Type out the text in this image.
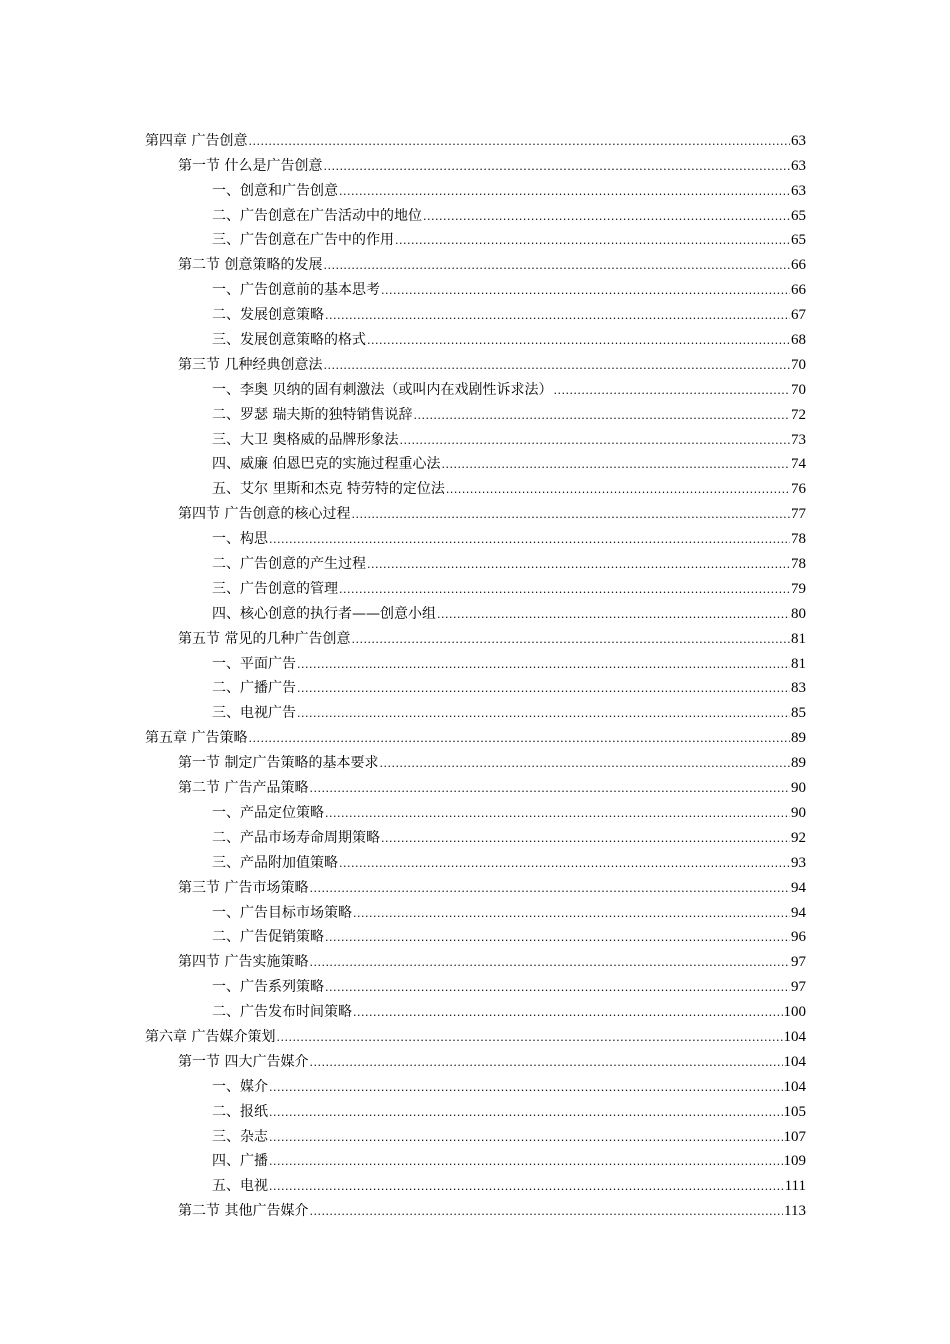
第四章 广告创意 .....	63
第一节 什么是广告创意 .....	63
一、创意和广告创意 .....	63
二、广告创意在广告活动中的地位 .....	65
三、广告创意在广告中的作用 .....	65
第二节 创意策略的发展 .....	66
一、广告创意前的基本思考 .....	66
二、发展创意策略 .....	67
三、发展创意策略的格式 .....	68
第三节 几种经典创意法 .....	70
一、李奥 贝纳的固有刺激法（或叫内在戏剧性诉求法） .....	70
二、罗瑟 瑞夫斯的独特销售说辞 .....	72
三、大卫 奥格威的品牌形象法 .....	73
四、威廉 伯恩巴克的实施过程重心法 .....	74
五、艾尔 里斯和杰克 特劳特的定位法 .....	76
第四节 广告创意的核心过程 .....	77
一、构思 .....	78
二、广告创意的产生过程 .....	78
三、广告创意的管理 .....	79
四、核心创意的执行者——创意小组 .....	80
第五节 常见的几种广告创意 .....	81
一、平面广告 .....	81
二、广播广告 .....	83
三、电视广告 .....	85
第五章 广告策略 .....	89
第一节 制定广告策略的基本要求 .....	89
第二节 广告产品策略 .....	90
一、产品定位策略 .....	90
二、产品市场寿命周期策略 .....	92
三、产品附加值策略 .....	93
第三节 广告市场策略 .....	94
一、广告目标市场策略 .....	94
二、广告促销策略 .....	96
第四节 广告实施策略 .....	97
一、广告系列策略 .....	97
二、广告发布时间策略 .....	100
第六章 广告媒介策划 .....	104
第一节 四大广告媒介 .....	104
一、媒介 .....	104
二、报纸 .....	105
三、杂志 .....	107
四、广播 .....	109
五、电视 .....	111
第二节 其他广告媒介 .....	113
